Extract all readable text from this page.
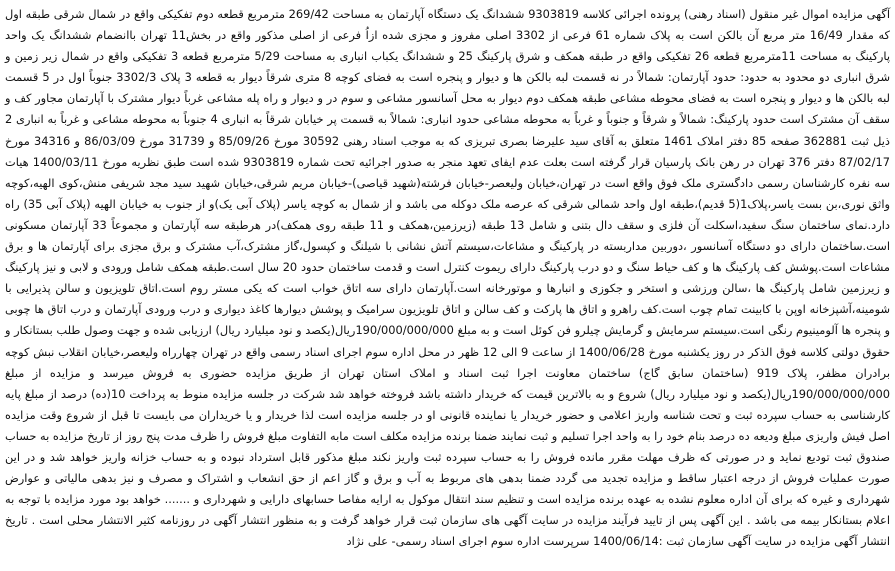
آگهی مزایده اموال غیر منقول (اسناد رهنی) پرونده اجرائی کلاسه 9303819 ششدانگ یک دستگاه آپارتمان به مساحت 269/42 مترمربع قطعه دوم تفکیکی واقع در شمال شرقی طبقه اول که مقدار 16/49 متر مربع آن بالکن است به پلاک شماره 61 فرعی از 3302 اصلی مفروز و مجزی شده ازاُ فرعی از اصلی مذکور واقع در بخش11 تهران باانضمام ششدانگ یک واحد پارکینگ به مساحت 11مترمربع قطعه 26 تفکیکی واقع در طبقه همکف و شرق پارکینگ 25 و ششدانگ یکباب انباری به مساحت 5/29 مترمربع قطعه 3 تفکیکی واقع در شمال زیر زمین و شرق انباری دو محدود به حدود: حدود آپارتمان: شمالاً در نه قسمت لبه بالکن ها و دیوار و پنجره است به فضای کوچه 8 متری شرقاً دیوار به قطعه 3 پلاک 3302/3 جنوباً اول در 5 قسمت لبه بالکن ها و دیوار و پنجره است به فضای محوطه مشاعی طبقه همکف دوم دیوار به محل آسانسور مشاعی و سوم در و دیوار و راه پله مشاعی غرباً دیوار مشترک با آپارتمان مجاور کف و سقف آن مشترک است حدود پارکینگ: شمالاً و شرقاً و جنوباً و غرباً به محوطه مشاعی حدود انباری: شمالاً به قسمت پر خیابان شرقاً به انباری 4 جنوباً به محوطه مشاعی و غرباً به انباری 2 ذیل ثبت 362881 صفحه 85 دفتر املاک 1461 متعلق به آقای سید علیرضا بصری تبریزی که به موجب اسناد رهنی 30592 مورخ 85/09/26 و 31739 مورخ 86/03/09 و 34316 مورخ 87/02/17 دفتر 376 تهران در رهن بانک پارسیان قرار گرفته است بعلت عدم ایفای تعهد منجر به صدور اجرائیه تحت شماره 9303819 شده است طبق نظریه مورخ 1400/03/11 هیات سه نفره کارشناسان رسمی دادگستری ملک فوق واقع است در تهران،خیابان ولیعصر-خیابان فرشته(شهید قیاصی)-خیابان مریم شرقی،خیابان شهید سید مجد شریفی منش،کوی الهیه،کوچه واثق نوری،بن بست یاسر،پلاک1(5 قدیم)،طبقه اول واحد شمالی شرقی که عرصه ملک دوکله می باشد و از شمال به کوچه یاسر (پلاک آبی یک)و از جنوب به خیابان الهیه (پلاک آبی 35) راه دارد.نمای ساختمان سنگ سفید،اسکلت آن فلزی و سقف دال بتنی و شامل 13 طبقه (زیرزمین،همکف و 11 طبقه روی همکف)در هرطبقه سه آپارتمان و مجموعاً 33 آپارتمان مسکونی است.ساختمان دارای دو دستگاه آسانسور ،دوربین مداربسته در پارکینگ و مشاعات،سیستم آتش نشانی با شیلنگ و کپسول،گاز مشترک،آب مشترک و برق مجزی برای آپارتمان ها و برق مشاعات است.پوشش کف پارکینگ ها و کف حیاط سنگ و دو درب پارکینگ دارای ریموت کنترل است و قدمت ساختمان حدود 20 سال است.طبقه همکف شامل ورودی و لابی و نیز پارکینگ و زیرزمین شامل پارکینگ ها ،سالن ورزشی و استخر و جکوزی و انبارها و موتورخانه است.آپارتمان دارای سه اتاق خواب است که یکی مستر روم است.اتاق تلویزیون و سالن پذیرایی با شومینه،آشپزخانه اوپن با کابینت تمام چوب است.کف راهرو و اتاق ها پارکت و کف سالن و اتاق تلویزیون سرامیک و پوشش دیوارها کاغذ دیواری و درب ورودی آپارتمان و درب اتاق ها چوبی و پنجره ها آلومینیوم رنگی است.سیستم سرمایش و گرمایش چیلرو فن کوئل است و به مبلغ 190/000/000/000ریال(یکصد و نود میلیارد ریال) ارزیابی شده و جهت وصول طلب بستانکار و حقوق دولتی کلاسه فوق الذکر در روز یکشنبه مورخ 1400/06/28 از ساعت 9 الی 12 ظهر در محل اداره سوم اجرای اسناد رسمی واقع در تهران چهارراه ولیعصر،خیابان انقلاب نبش کوچه برادران مظفر، پلاک 919 (ساختمان سابق گاج) ساختمان معاونت اجرا ثبت اسناد و املاک استان تهران از طریق مزایده حضوری به فروش میرسد و مزایده از مبلغ 190/000/000/000ریال(یکصد و نود میلیارد ریال) شروع و به بالاترین قیمت که خریدار داشته باشد فروخته خواهد شد شرکت در جلسه مزایده منوط به پرداخت 10(ده) درصد از مبلغ پایه کارشناسی به حساب سپرده ثبت و تحت شناسه واریز اعلامی و حضور خریدار یا نماینده قانونی او در جلسه مزایده است لذا خریدار و یا خریداران می بایست تا قبل از شروع وقت مزایده اصل فیش واریزی مبلغ ودیعه ده درصد بنام خود را به واحد اجرا تسلیم و ثبت نمایند ضمنا برنده مزایده مکلف است مابه التفاوت مبلغ فروش را ظرف مدت پنج روز از تاریخ مزایده به حساب صندوق ثبت تودیع نماید و در صورتی که ظرف مهلت مقرر مانده فروش را به حساب سپرده ثبت واریز نکند مبلغ مذکور قابل استرداد نبوده و به حساب خزانه واریز خواهد شد و در این صورت عملیات فروش از درجه اعتبار ساقط و مزایده تجدید می گردد ضمنا بدهی های مربوط به آب و برق و گاز اعم از حق انشعاب و اشتراک و مصرف و نیز بدهی مالیاتی و عوارض شهرداری و غیره که برای آن اداره معلوم نشده به عهده برنده مزایده است و تنظیم سند انتقال موکول به ارایه مفاصا حسابهای دارایی و شهرداری و ....... خواهد بود مورد مزایده با توجه به اعلام بستانکار بیمه می باشد . این آگهی پس از تایید فرآیند مزایده در سایت آگهی های سازمان ثبت قرار خواهد گرفت و به منظور انتشار آگهی در روزنامه کثیر الانتشار محلی است . تاریخ انتشار آگهی مزایده در سایت آگهی سازمان ثبت :1400/06/14 سرپرست اداره سوم اجرای اسناد رسمی- علی نژاد
